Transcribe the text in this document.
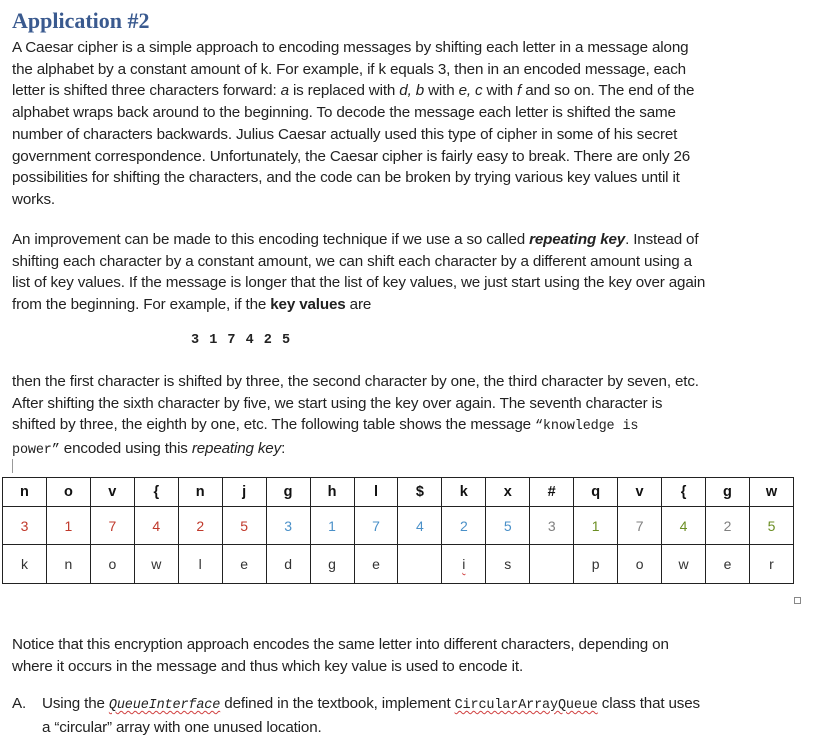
Application #2
A Caesar cipher is a simple approach to encoding messages by shifting each letter in a message along
the alphabet by a constant amount of k. For example, if k equals 3, then in an encoded message, each
letter is shifted three characters forward: a is replaced with d, b with e, c with f and so on. The end of the
alphabet wraps back around to the beginning. To decode the message each letter is shifted the same
number of characters backwards. Julius Caesar actually used this type of cipher in some of his secret
government correspondence. Unfortunately, the Caesar cipher is fairly easy to break. There are only 26
possibilities for shifting the characters, and the code can be broken by trying various key values until it
works.
An improvement can be made to this encoding technique if we use a so called repeating key. Instead of
shifting each character by a constant amount, we can shift each character by a different amount using a
list of key values. If the message is longer that the list of key values, we just start using the key over again
from the beginning. For example, if the key values are
3 1 7 4 2 5
then the first character is shifted by three, the second character by one, the third character by seven, etc.
After shifting the sixth character by five, we start using the key over again. The seventh character is
shifted by three, the eighth by one, etc. The following table shows the message “knowledge is
power” encoded using this repeating key:
n	o	v	{	n	j	g	h	l	$	k	x	#	q	v	{	g	w
3	1	7	4	2	5	3	1	7	4	2	5	3	1	7	4	2	5
k	n	o	w	l	e	d	g	e		i	s		p	o	w	e	r
Notice that this encryption approach encodes the same letter into different characters, depending on
where it occurs in the message and thus which key value is used to encode it.
A. Using the QueueInterface defined in the textbook, implement CircularArrayQueue class that uses
a “circular” array with one unused location.
